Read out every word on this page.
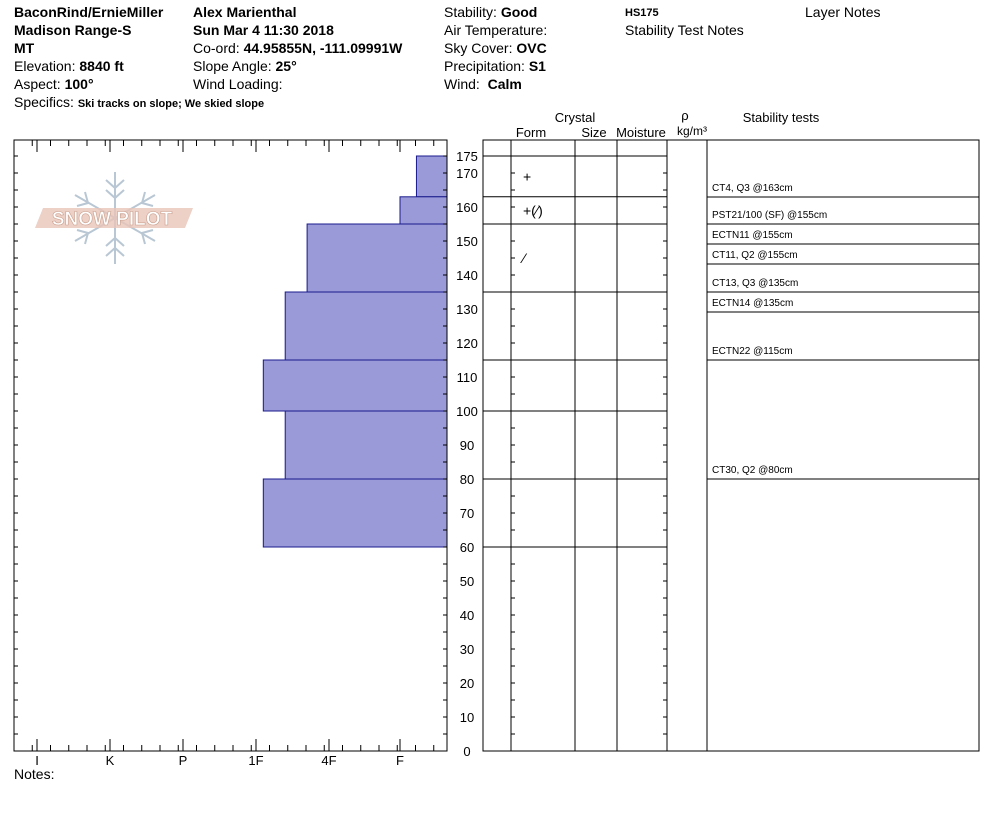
BaconRind/ErnieMiller
Madison Range-S
MT
Elevation: 8840 ft
Aspect: 100°
Specifics: Ski tracks on slope; We skied slope
Alex Marienthal
Sun Mar 4 11:30 2018
Co-ord: 44.95855N, -111.09991W
Slope Angle: 25°
Wind Loading:
Stability: Good
Air Temperature:
Sky Cover: OVC
Precipitation: S1
Wind: Calm
HS175
Stability Test Notes
Layer Notes
Notes:
Crystal
Form	Size Moisture
ρ
kg/m³
Stability tests
SNOW PILOT
I	K	P	1F	4F	F
0
10
20
30
40
50
60
70
80
90
100
110
120
130
140
150
160
170
175
+
+(⁄)
⁄
CT4, Q3 @163cm
PST21/100 (SF) @155cm
ECTN11 @155cm
CT11, Q2 @155cm
CT13, Q3 @135cm
ECTN14 @135cm
ECTN22 @115cm
CT30, Q2 @80cm
